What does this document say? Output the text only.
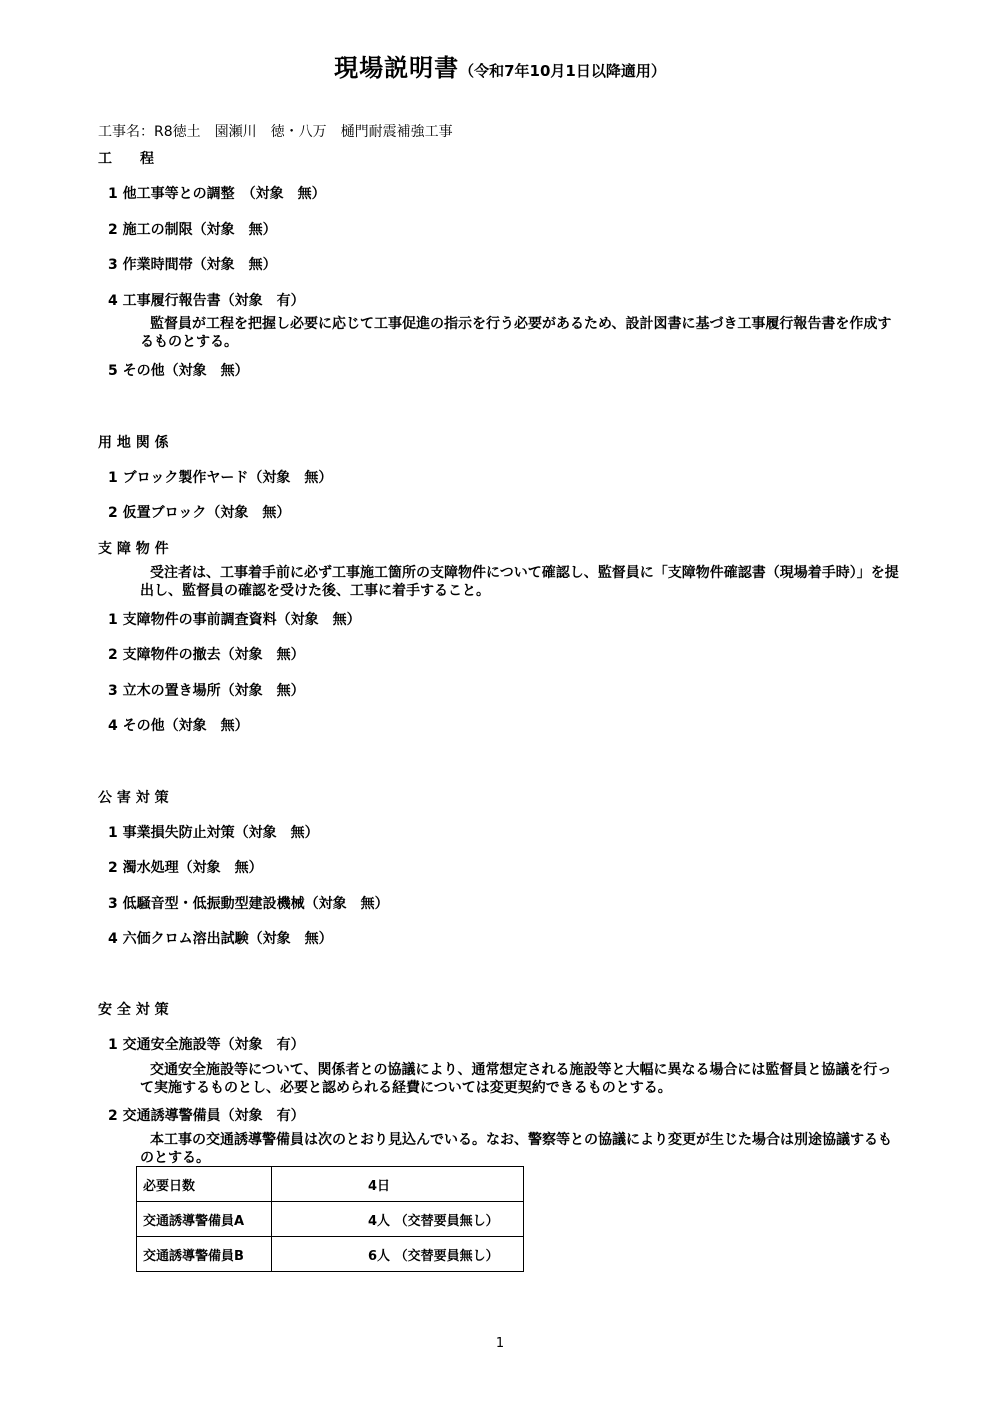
現場説明書（令和7年10月1日以降適用）
工事名：R8徳土　園瀬川　徳・八万　樋門耐震補強工事
工　　程
1 他工事等との調整　（対象　無）
2 施工の制限（対象　無）
3 作業時間帯（対象　無）
4 工事履行報告書（対象　有）
監督員が工程を把握し必要に応じて工事促進の指示を行う必要があるため、設計図書に基づき工事履行報告書を作成するものとする。
5 その他（対象　無）
用 地 関 係
1 ブロック製作ヤード（対象　無）
2 仮置ブロック（対象　無）
支 障 物 件
受注者は、工事着手前に必ず工事施工箇所の支障物件について確認し、監督員に「支障物件確認書（現場着手時）」を提出し、監督員の確認を受けた後、工事に着手すること。
1 支障物件の事前調査資料（対象　無）
2 支障物件の撤去（対象　無）
3 立木の置き場所（対象　無）
4 その他（対象　無）
公 害 対 策
1 事業損失防止対策（対象　無）
2 濁水処理（対象　無）
3 低騒音型・低振動型建設機械（対象　無）
4 六価クロム溶出試験（対象　無）
安 全 対 策
1 交通安全施設等（対象　有）
交通安全施設等について、関係者との協議により、通常想定される施設等と大幅に異なる場合には監督員と協議を行って実施するものとし、必要と認められる経費については変更契約できるものとする。
2 交通誘導警備員（対象　有）
本工事の交通誘導警備員は次のとおり見込んでいる。なお、警察等との協議により変更が生じた場合は別途協議するものとする。
必要日数	4日
交通誘導警備員A	4人 （交替要員無し）
交通誘導警備員B	6人 （交替要員無し）
1
